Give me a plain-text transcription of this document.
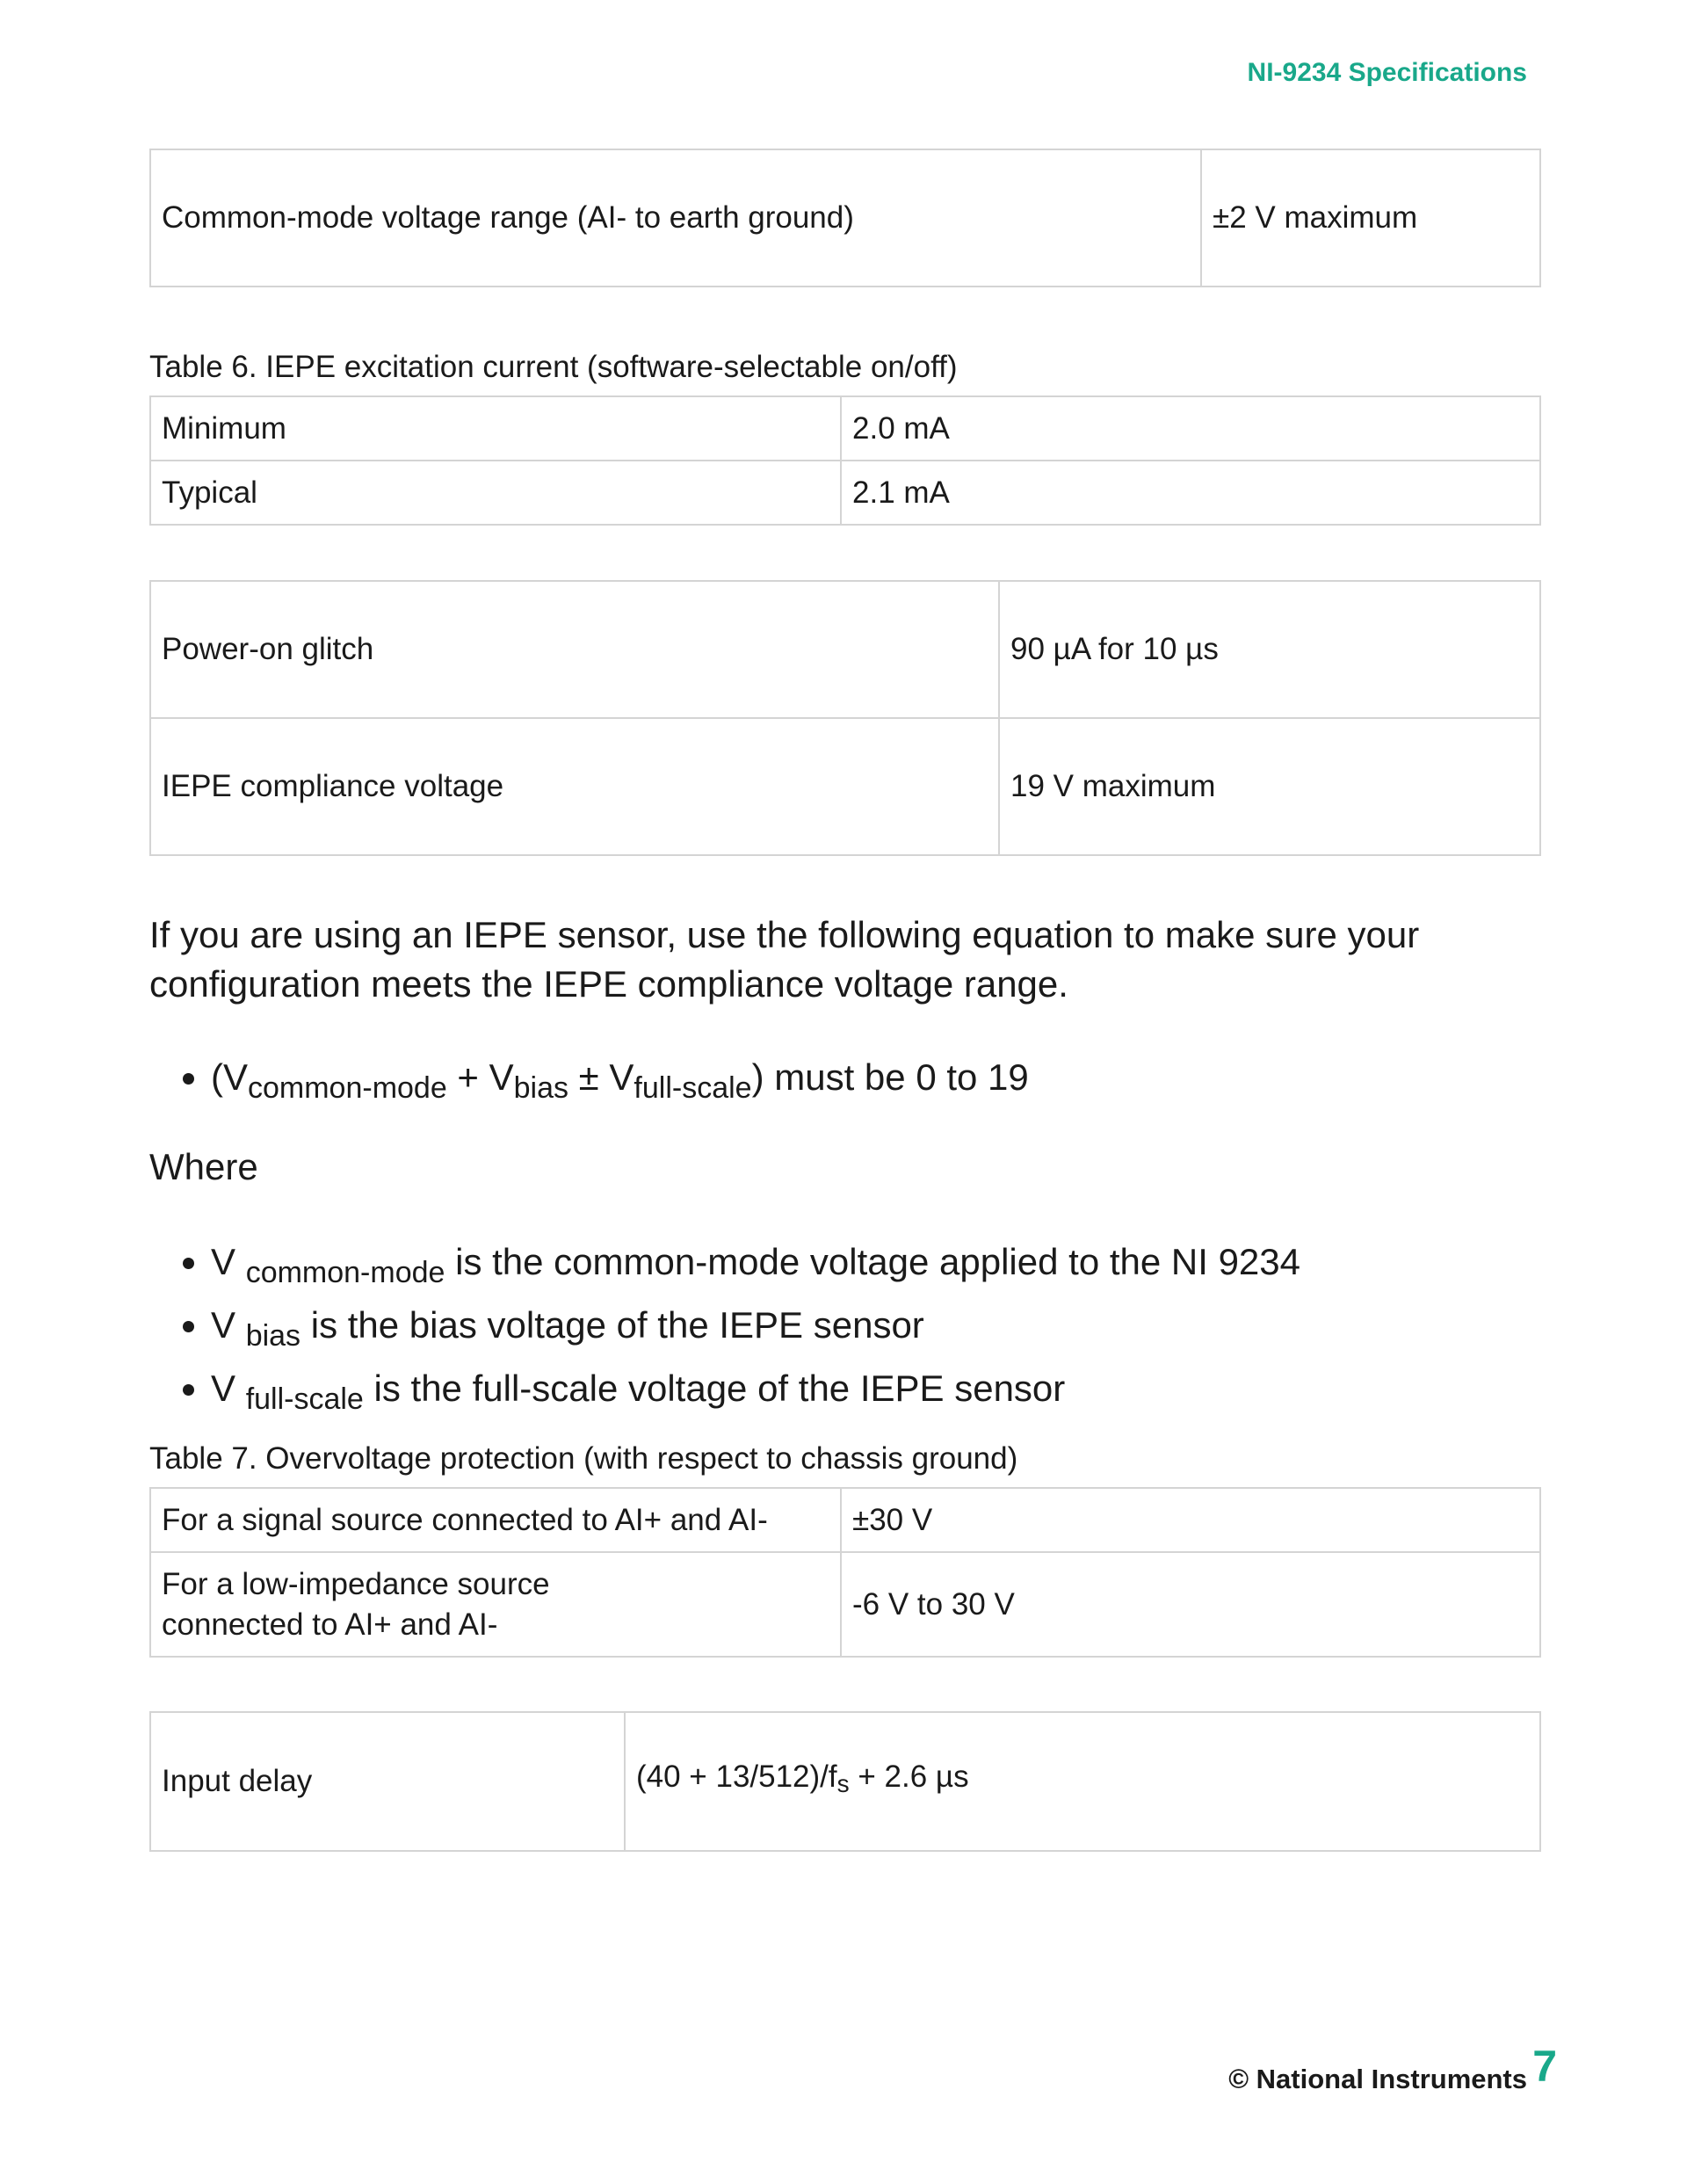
NI-9234 Specifications
Common-mode voltage range (AI- to earth ground)	±2 V maximum
Table 6. IEPE excitation current (software-selectable on/off)
Minimum	2.0 mA
Typical	2.1 mA
Power-on glitch	90 µA for 10 µs
IEPE compliance voltage	19 V maximum
If you are using an IEPE sensor, use the following equation to make sure your configuration meets the IEPE compliance voltage range.
• $(V_{common-mode} + V_{bias} \pm V_{full-scale})$ must be 0 to 19
Where
• V $_{common-mode}$ is the common-mode voltage applied to the NI 9234
• V $_{bias}$ is the bias voltage of the IEPE sensor
• V $_{full-scale}$ is the full-scale voltage of the IEPE sensor
Table 7. Overvoltage protection (with respect to chassis ground)
For a signal source connected to AI+ and AI-	±30 V

For a low-impedance source
connected to AI+ and AI-	-6 V to 30 V
Input delay	$(40 + 13/512)/f_s + 2.6$ µs
© National Instruments 7
